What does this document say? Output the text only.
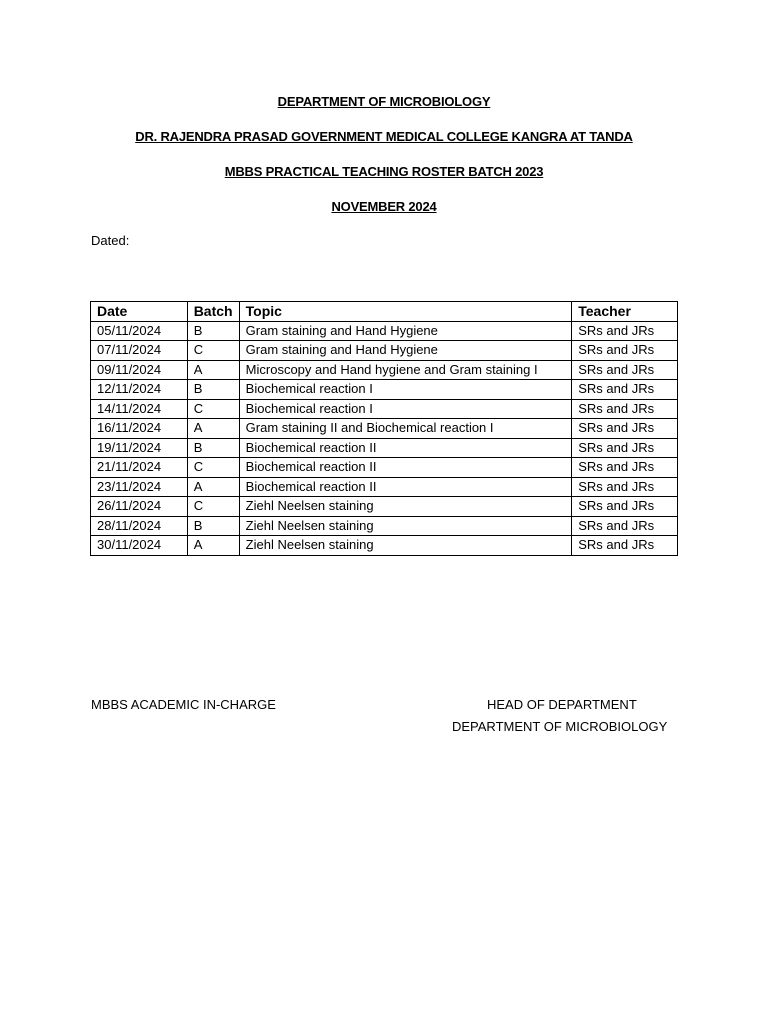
DEPARTMENT OF MICROBIOLOGY
DR. RAJENDRA PRASAD GOVERNMENT MEDICAL COLLEGE KANGRA AT TANDA
MBBS PRACTICAL TEACHING ROSTER BATCH 2023
NOVEMBER 2024
Dated:
Date	Batch	Topic	Teacher
05/11/2024	B	Gram staining and Hand Hygiene	SRs and JRs
07/11/2024	C	Gram staining and Hand Hygiene	SRs and JRs
09/11/2024	A	Microscopy and Hand hygiene and Gram staining I	SRs and JRs
12/11/2024	B	Biochemical reaction I	SRs and JRs
14/11/2024	C	Biochemical reaction I	SRs and JRs
16/11/2024	A	Gram staining II and Biochemical reaction I	SRs and JRs
19/11/2024	B	Biochemical reaction II	SRs and JRs
21/11/2024	C	Biochemical reaction II	SRs and JRs
23/11/2024	A	Biochemical reaction II	SRs and JRs
26/11/2024	C	Ziehl Neelsen staining	SRs and JRs
28/11/2024	B	Ziehl Neelsen staining	SRs and JRs
30/11/2024	A	Ziehl Neelsen staining	SRs and JRs
MBBS ACADEMIC IN-CHARGE	HEAD OF DEPARTMENT
DEPARTMENT OF MICROBIOLOGY
